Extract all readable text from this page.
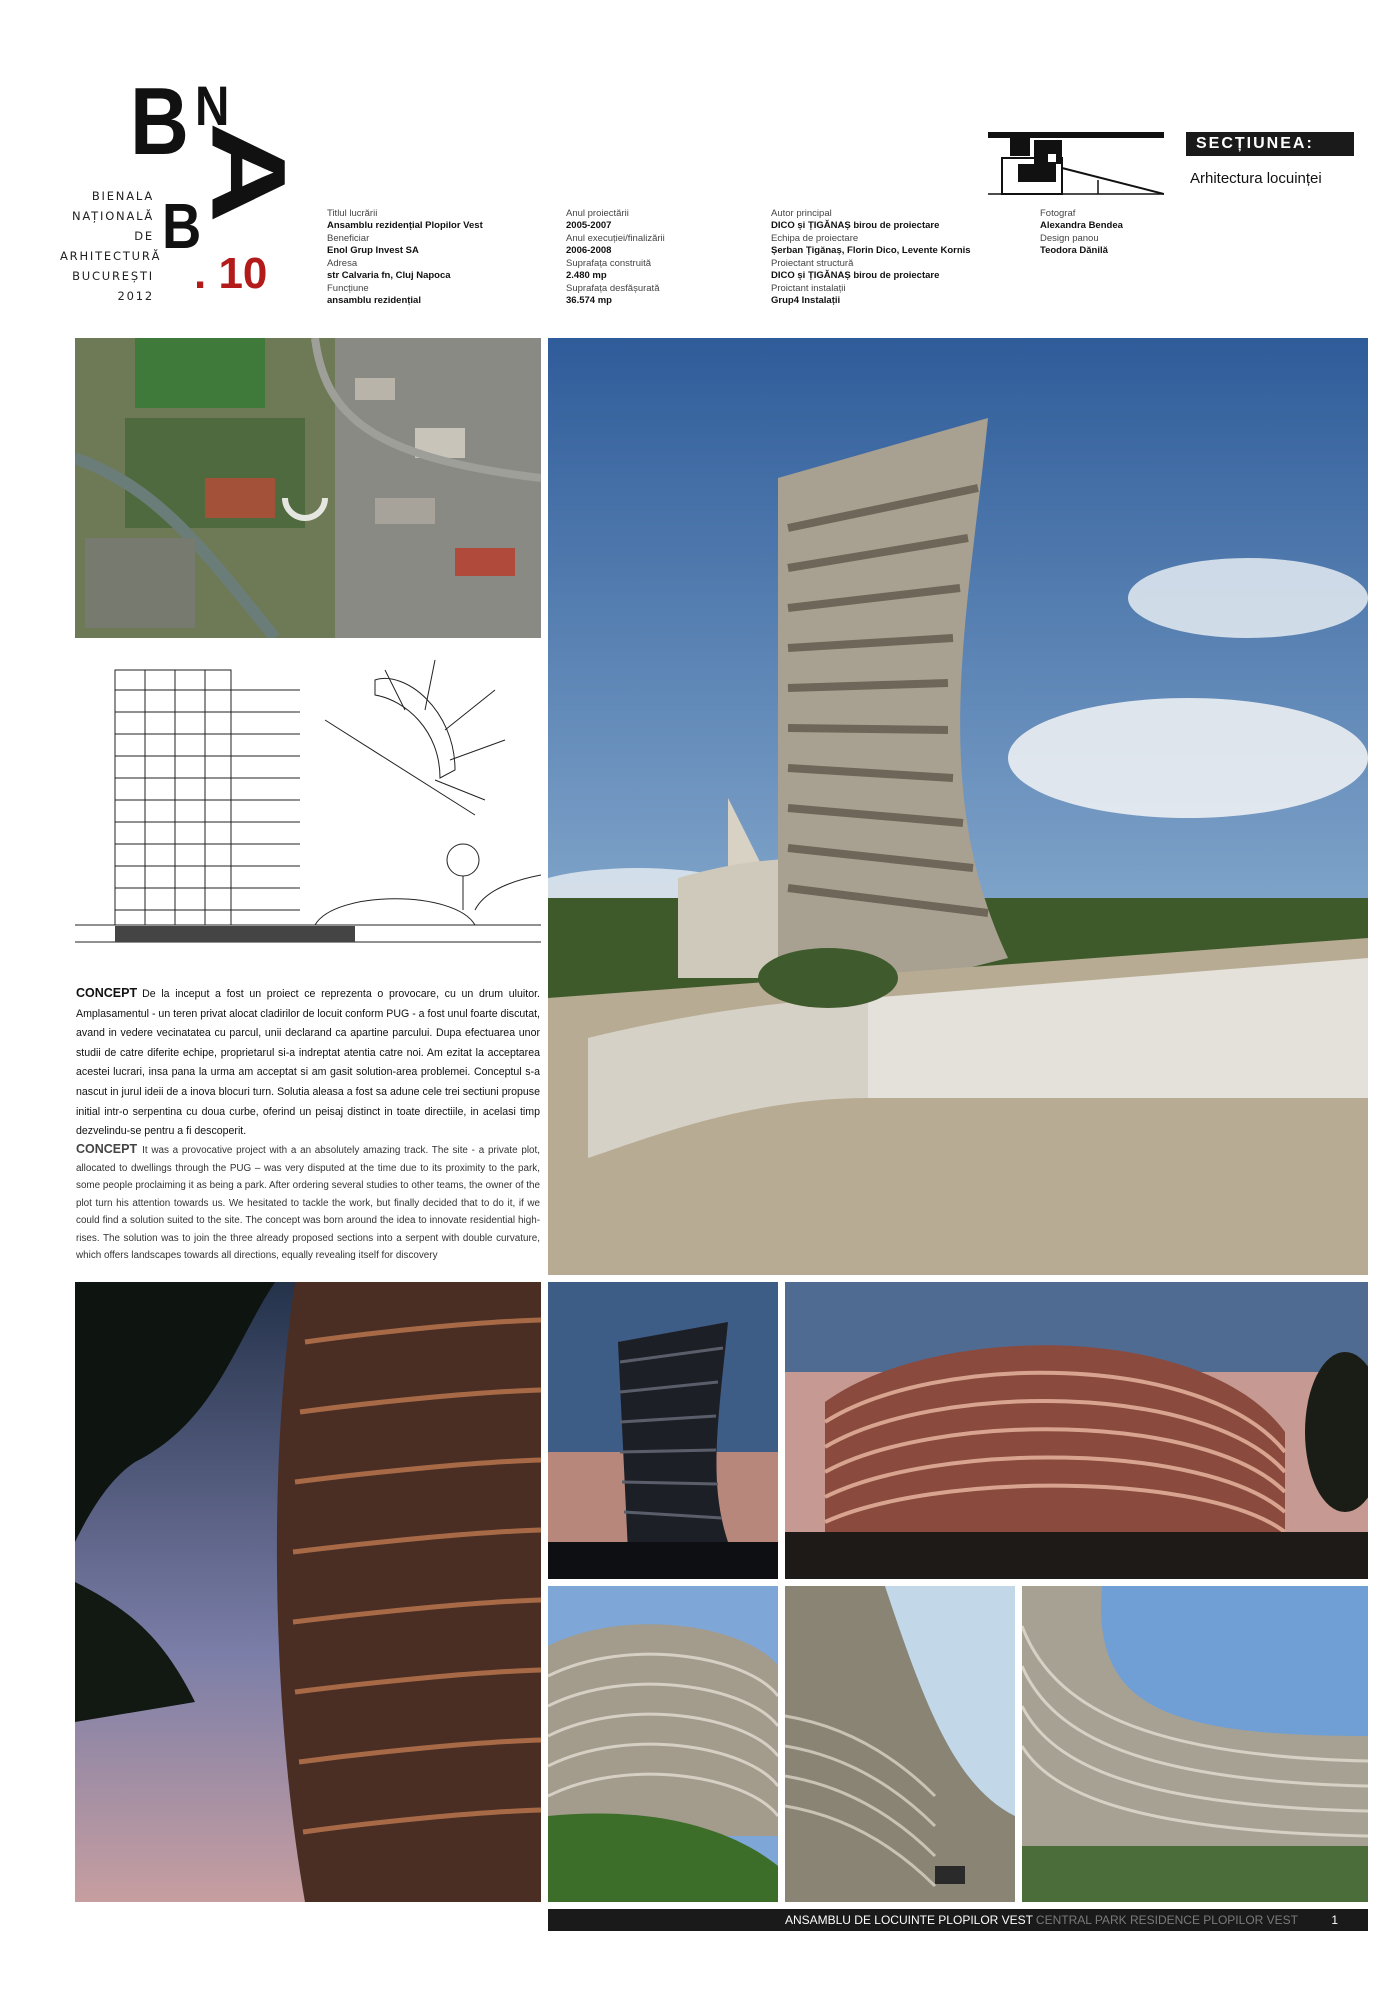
B N
A
B
. 10
BIENALA
NAȚIONALĂ
DE
ARHITECTURĂ
BUCUREȘTI
2012
Titlul lucrării
Ansamblu rezidențial Plopilor Vest
Beneficiar
Enol Grup Invest SA
Adresa
str Calvaria fn, Cluj Napoca
Funcțiune
ansamblu rezidențial
Anul proiectării
2005-2007
Anul execuției/finalizării
2006-2008
Suprafața construită
2.480 mp
Suprafața desfășurată
36.574 mp
Autor principal
DICO și ȚIGĂNAȘ birou de proiectare
Echipa de proiectare
Șerban Țigănaș, Florin Dico, Levente Kornis
Proiectant structură
DICO și ȚIGĂNAȘ birou de proiectare
Proictant instalații
Grup4 Instalații
Fotograf
Alexandra Bendea
Design panou
Teodora Dănilă
SECȚIUNEA:
Arhitectura locuinței
CONCEPT De la inceput a fost un proiect ce reprezenta o provocare, cu un drum uluitor. Amplasamentul - un teren privat alocat cladirilor de locuit conform PUG - a fost unul foarte discutat, avand in vedere vecinatatea cu parcul, unii declarand ca apartine parcului. Dupa efectuarea unor studii de catre diferite echipe, proprietarul si-a indreptat atentia catre noi. Am ezitat la acceptarea acestei lucrari, insa pana la urma am acceptat si am gasit solution-area problemei. Conceptul s-a nascut in jurul ideii de a inova blocuri turn. Solutia aleasa a fost sa adune cele trei sectiuni propuse initial intr-o serpentina cu doua curbe, oferind un peisaj distinct in toate directiile, in acelasi timp dezvelindu-se pentru a fi descoperit.
CONCEPT It was a provocative project with a an absolutely amazing track. The site - a private plot, allocated to dwellings through the PUG – was very disputed at the time due to its proximity to the park, some people proclaiming it as being a park. After ordering several studies to other teams, the owner of the plot turn his attention towards us. We hesitated to tackle the work, but finally decided that to do it, if we could find a solution suited to the site. The concept was born around the idea to innovate residential high-rises. The solution was to join the three already proposed sections into a serpent with double curvature, which offers landscapes towards all directions, equally revealing itself for discovery
ANSAMBLU DE LOCUINTE PLOPILOR VEST CENTRAL PARK RESIDENCE PLOPILOR VEST	1
